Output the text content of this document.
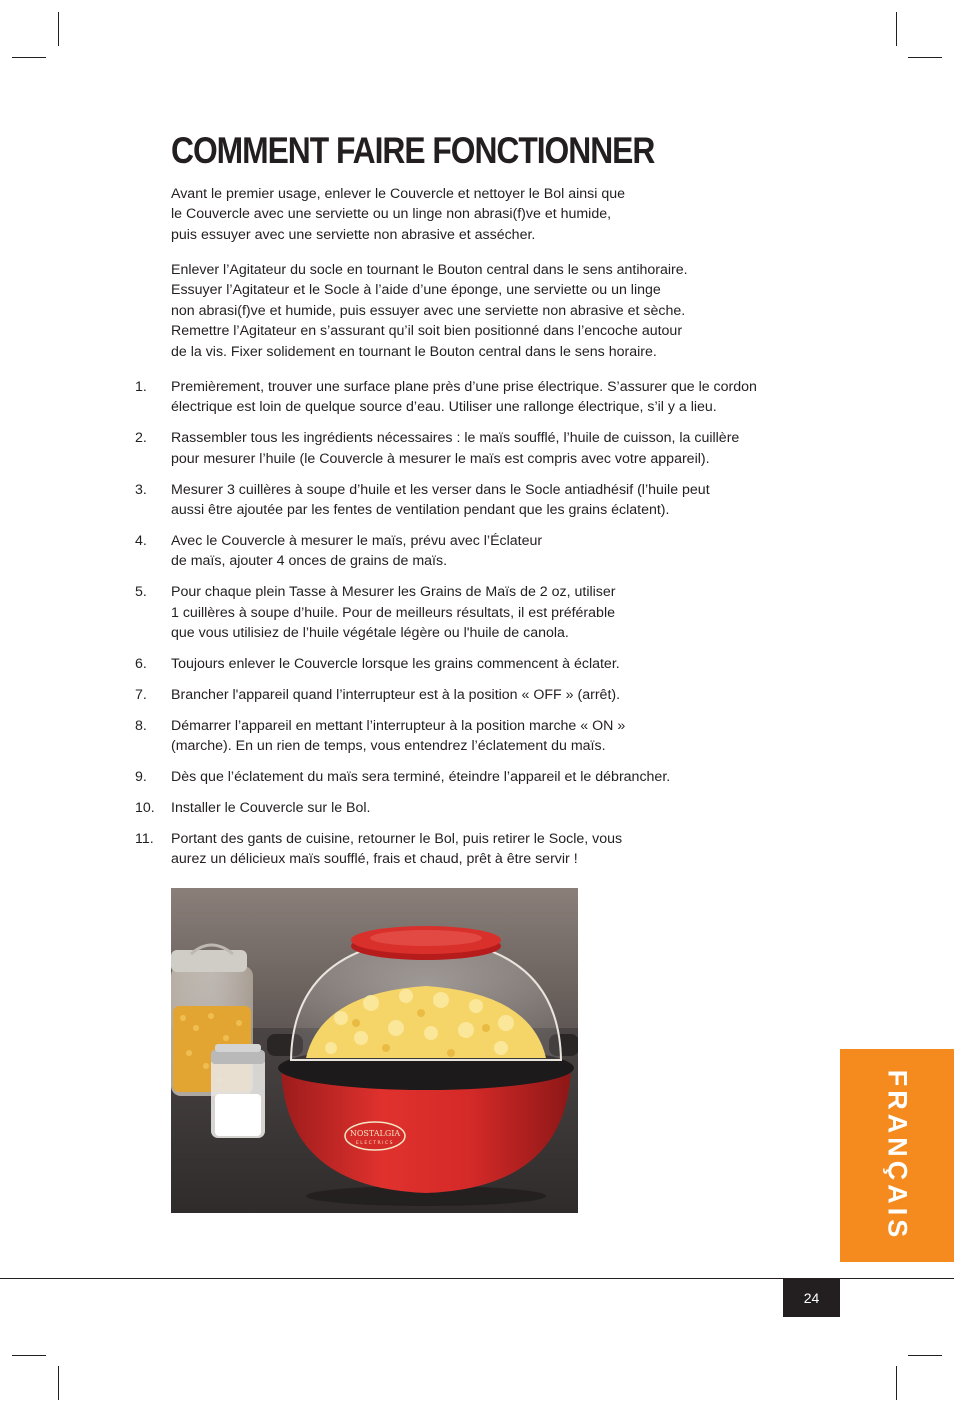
COMMENT FAIRE FONCTIONNER
Avant le premier usage, enlever le Couvercle et nettoyer le Bol ainsi que
le Couvercle avec une serviette ou un linge non abrasi(f)ve et humide,
puis essuyer avec une serviette non abrasive et assécher.
Enlever l’Agitateur du socle en tournant le Bouton central dans le sens antihoraire.
Essuyer l’Agitateur et le Socle à l’aide d’une éponge, une serviette ou un linge
non abrasi(f)ve et humide, puis essuyer avec une serviette non abrasive et sèche.
Remettre l’Agitateur en s’assurant qu’il soit bien positionné dans l’encoche autour
de la vis. Fixer solidement en tournant le Bouton central dans le sens horaire.
1. Premièrement, trouver une surface plane près d’une prise électrique. S’assurer que le cordon
électrique est loin de quelque source d’eau. Utiliser une rallonge électrique, s’il y a lieu.
2. Rassembler tous les ingrédients nécessaires : le maïs soufflé, l’huile de cuisson, la cuillère
pour mesurer l’huile (le Couvercle à mesurer le maïs est compris avec votre appareil).
3. Mesurer 3 cuillères à soupe d’huile et les verser dans le Socle antiadhésif (l’huile peut
aussi être ajoutée par les fentes de ventilation pendant que les grains éclatent).
4. Avec le Couvercle à mesurer le maïs, prévu avec l’Éclateur
de maïs, ajouter 4 onces de grains de maïs.
5. Pour chaque plein Tasse à Mesurer les Grains de Maïs de 2 oz, utiliser
1 cuillères à soupe d’huile. Pour de meilleurs résultats, il est préférable
que vous utilisiez de l’huile végétale légère ou l'huile de canola.
6. Toujours enlever le Couvercle lorsque les grains commencent à éclater.
7. Brancher l'appareil quand l’interrupteur est à la position « OFF » (arrêt).
8. Démarrer l’appareil en mettant l’interrupteur à la position marche « ON »
(marche). En un rien de temps, vous entendrez l’éclatement du maïs.
9. Dès que l’éclatement du maïs sera terminé, éteindre l’appareil et le débrancher.
10. Installer le Couvercle sur le Bol.
11. Portant des gants de cuisine, retourner le Bol, puis retirer le Socle, vous
aurez un délicieux maïs soufflé, frais et chaud, prêt à être servir !
NOSTALGIA
ELECTRICS	FRANÇAIS
24
